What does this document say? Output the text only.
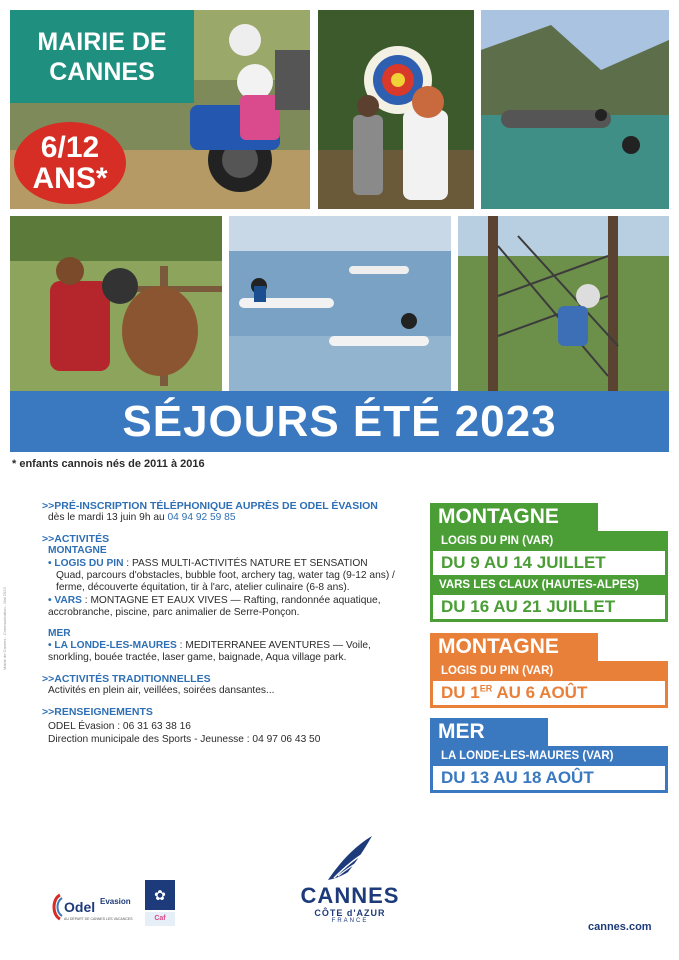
MAIRIE DE
CANNES
6/12
ANS*
SÉJOURS ÉTÉ 2023
* enfants cannois nés de 2011 à 2016
Mairie de Cannes - Communication - Mai 2023
>>PRÉ-INSCRIPTION TÉLÉPHONIQUE AUPRÈS DE ODEL ÉVASION
dès le mardi 13 juin 9h au 04 94 92 59 85
>>ACTIVITÉS
MONTAGNE
• LOGIS DU PIN : PASS MULTI-ACTIVITÉS NATURE ET SENSATION
Quad, parcours d'obstacles, bubble foot, archery tag, water tag (9-12 ans) / ferme, découverte équitation, tir à l'arc, atelier culinaire (6-8 ans).
• VARS : MONTAGNE ET EAUX VIVES — Rafting, randonnée aquatique, accrobranche, piscine, parc animalier de Serre-Ponçon.
MER
• LA LONDE-LES-MAURES : MEDITERRANEE AVENTURES — Voile, snorkling, bouée tractée, laser game, baignade, Aqua village park.
>>ACTIVITÉS TRADITIONNELLES
Activités en plein air, veillées, soirées dansantes...
>>RENSEIGNEMENTS
ODEL Évasion : 06 31 63 38 16
Direction municipale des Sports - Jeunesse : 04 97 06 43 50
MONTAGNE
LOGIS DU PIN (VAR)
DU 9 AU 14 JUILLET
VARS LES CLAUX (HAUTES-ALPES)
DU 16 AU 21 JUILLET
MONTAGNE
LOGIS DU PIN (VAR)
DU 1ER AU 6 AOÛT
MER
LA LONDE-LES-MAURES (VAR)
DU 13 AU 18 AOÛT
Odel Evasion
AU DÉPART DE CANNES LES VACANCES
✿
Caf
CANNES
CÔTE d'AZUR
FRANCE	cannes.com
